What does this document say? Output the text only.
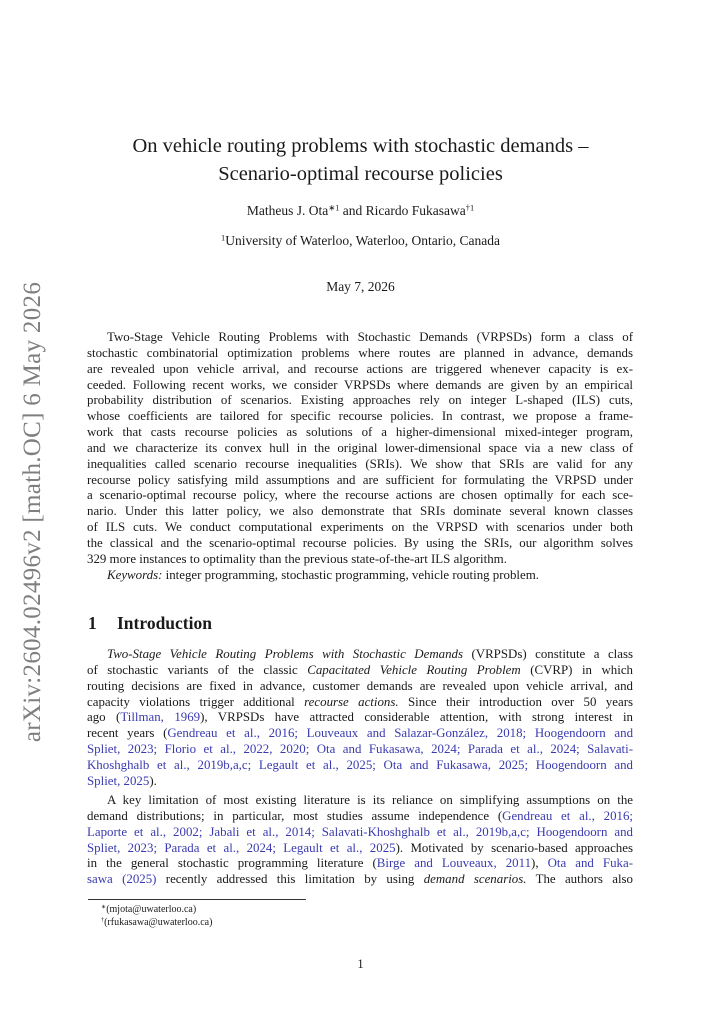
arXiv:2604.02496v2 [math.OC] 6 May 2026
On vehicle routing problems with stochastic demands –
Scenario-optimal recourse policies
Matheus J. Ota$^{∗1}$ and Ricardo Fukasawa$^{\dagger 1}$
$^1$University of Waterloo, Waterloo, Ontario, Canada
May 7, 2026
Two-Stage Vehicle Routing Problems with Stochastic Demands (VRPSDs) form a class of
stochastic combinatorial optimization problems where routes are planned in advance, demands
are revealed upon vehicle arrival, and recourse actions are triggered whenever capacity is ex-
ceeded. Following recent works, we consider VRPSDs where demands are given by an empirical
probability distribution of scenarios. Existing approaches rely on integer L-shaped (ILS) cuts,
whose coefficients are tailored for specific recourse policies. In contrast, we propose a frame-
work that casts recourse policies as solutions of a higher-dimensional mixed-integer program,
and we characterize its convex hull in the original lower-dimensional space via a new class of
inequalities called scenario recourse inequalities (SRIs). We show that SRIs are valid for any
recourse policy satisfying mild assumptions and are sufficient for formulating the VRPSD under
a scenario-optimal recourse policy, where the recourse actions are chosen optimally for each sce-
nario. Under this latter policy, we also demonstrate that SRIs dominate several known classes
of ILS cuts. We conduct computational experiments on the VRPSD with scenarios under both
the classical and the scenario-optimal recourse policies. By using the SRIs, our algorithm solves
329 more instances to optimality than the previous state-of-the-art ILS algorithm.
Keywords: integer programming, stochastic programming, vehicle routing problem.
1 Introduction
Two-Stage Vehicle Routing Problems with Stochastic Demands (VRPSDs) constitute a class
of stochastic variants of the classic Capacitated Vehicle Routing Problem (CVRP) in which
routing decisions are fixed in advance, customer demands are revealed upon vehicle arrival, and
capacity violations trigger additional recourse actions. Since their introduction over 50 years
ago (Tillman, 1969), VRPSDs have attracted considerable attention, with strong interest in
recent years (Gendreau et al., 2016; Louveaux and Salazar-González, 2018; Hoogendoorn and
Spliet, 2023; Florio et al., 2022, 2020; Ota and Fukasawa, 2024; Parada et al., 2024; Salavati-
Khoshghalb et al., 2019b,a,c; Legault et al., 2025; Ota and Fukasawa, 2025; Hoogendoorn and
Spliet, 2025).
A key limitation of most existing literature is its reliance on simplifying assumptions on the
demand distributions; in particular, most studies assume independence (Gendreau et al., 2016;
Laporte et al., 2002; Jabali et al., 2014; Salavati-Khoshghalb et al., 2019b,a,c; Hoogendoorn and
Spliet, 2023; Parada et al., 2024; Legault et al., 2025). Motivated by scenario-based approaches
in the general stochastic programming literature (Birge and Louveaux, 2011), Ota and Fuka-
sawa (2025) recently addressed this limitation by using demand scenarios. The authors also
∗(mjota@uwaterloo.ca)
†(rfukasawa@uwaterloo.ca)
1
